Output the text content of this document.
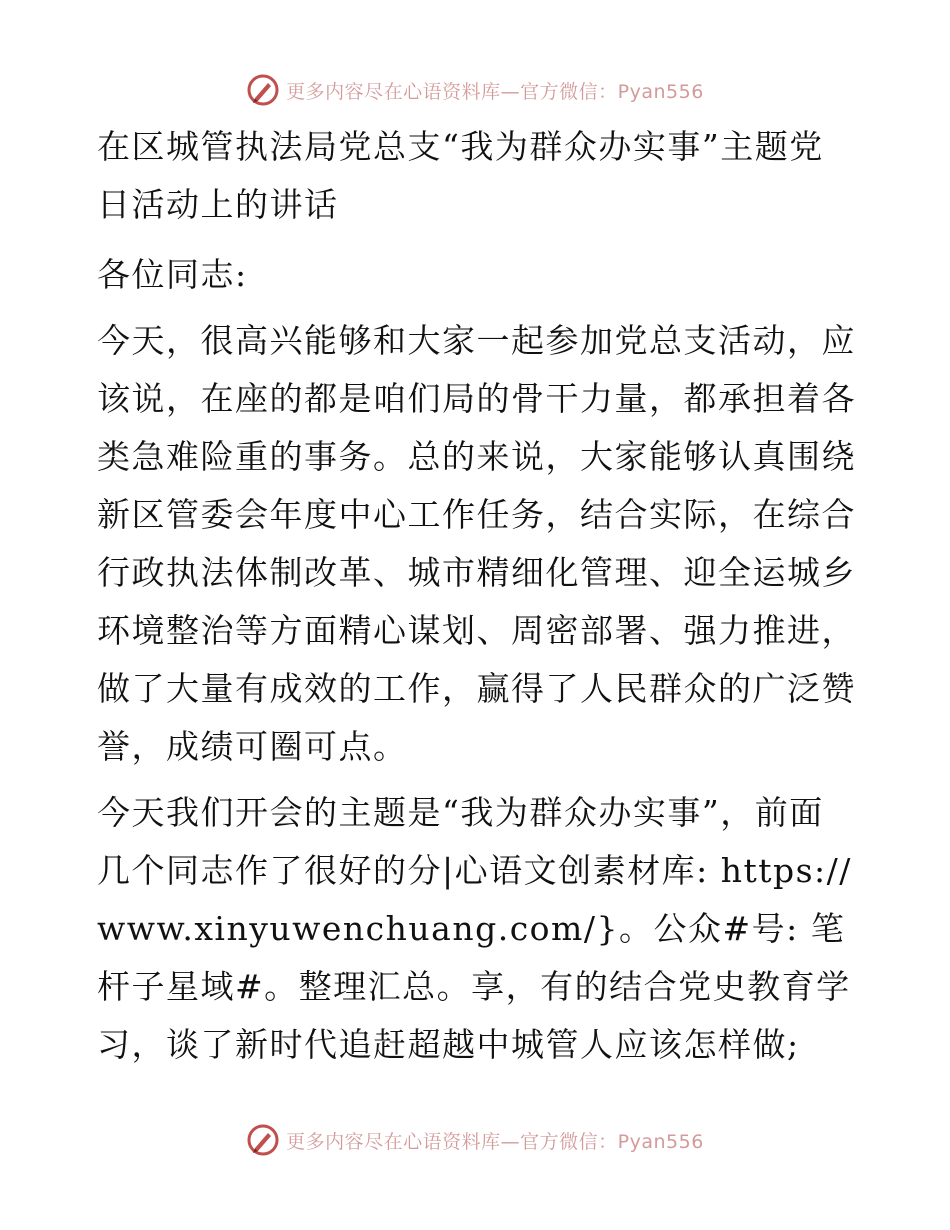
更多内容尽在心语资料库—官方微信：Pyan556
在区城管执法局党总支“我为群众办实事”主题党日活动上的讲话

各位同志:

今天，很高兴能够和大家一起参加党总支活动，应该说，在座的都是咱们局的骨干力量，都承担着各类急难险重的事务。总的来说，大家能够认真围绕新区管委会年度中心工作任务，结合实际，在综合行政执法体制改革、城市精细化管理、迎全运城乡环境整治等方面精心谋划、周密部署、强力推进，做了大量有成效的工作，赢得了人民群众的广泛赞誉，成绩可圈可点。

今天我们开会的主题是“我为群众办实事”，前面几个同志作了很好的分|心语文创素材库: https://www.xinyuwenchuang.com/}。公众#号: 笔杆子星域#。整理汇总。享，有的结合党史教育学习，谈了新时代追赶超越中城管人应该怎样做;

更多内容尽在心语资料库—官方微信：Pyan556
